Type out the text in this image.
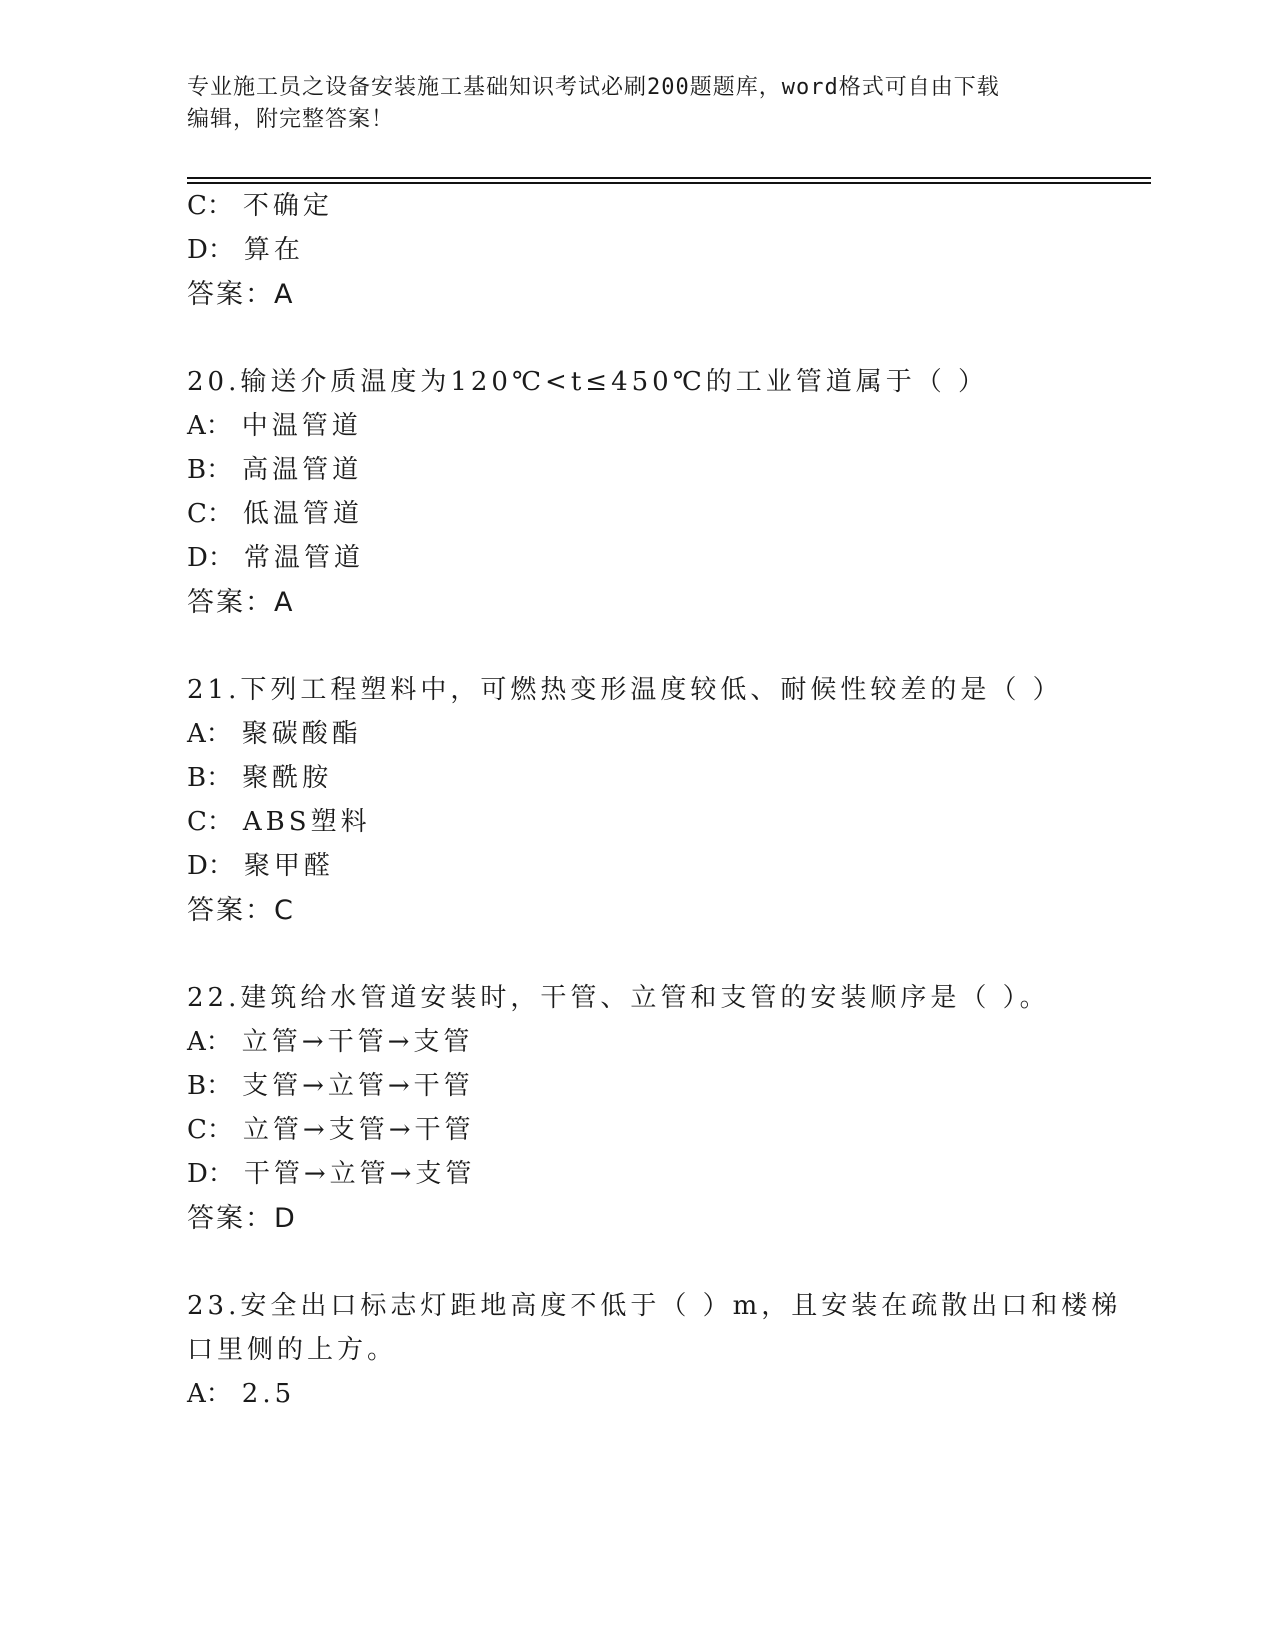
专业施工员之设备安装施工基础知识考试必刷200题题库，word格式可自由下载
编辑，附完整答案！
C： 不确定
D： 算在
答案：A
20.输送介质温度为120℃<t≤450℃的工业管道属于（ ）
A： 中温管道
B： 高温管道
C： 低温管道
D： 常温管道
答案：A
21.下列工程塑料中，可燃热变形温度较低、耐候性较差的是（ ）
A： 聚碳酸酯
B： 聚酰胺
C： ABS塑料
D： 聚甲醛
答案：C
22.建筑给水管道安装时，干管、立管和支管的安装顺序是（ ）。
A： 立管→干管→支管
B： 支管→立管→干管
C： 立管→支管→干管
D： 干管→立管→支管
答案：D
23.安全出口标志灯距地高度不低于（ ）m，且安装在疏散出口和楼梯
口里侧的上方。
A： 2.5
